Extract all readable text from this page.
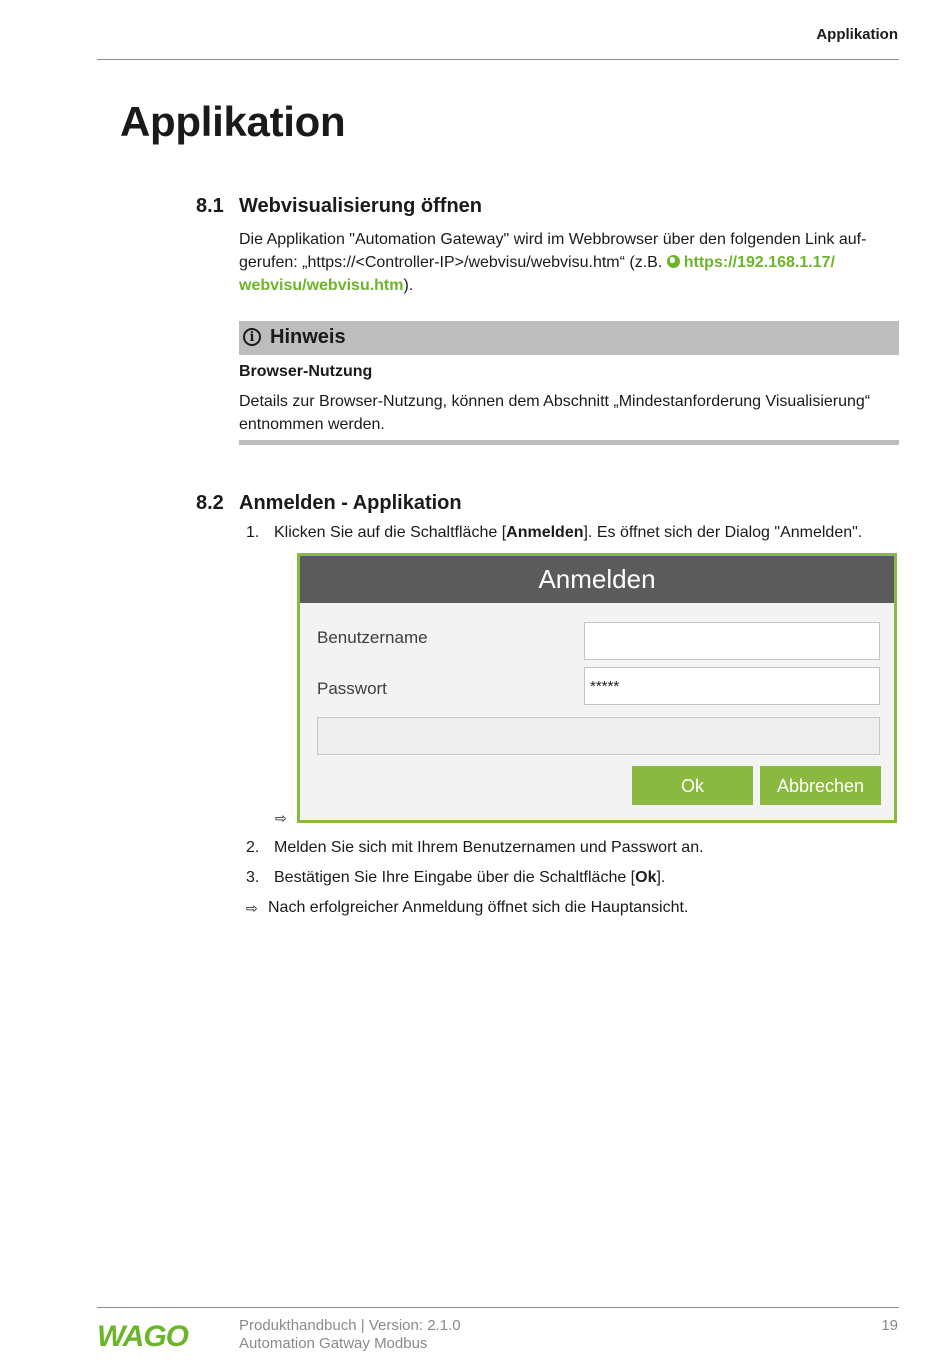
Applikation
Applikation
8.1 Webvisualisierung öffnen
Die Applikation "Automation Gateway" wird im Webbrowser über den folgenden Link auf-
gerufen: „https://<Controller-IP>/webvisu/webvisu.htm“ (z.B. https://192.168.1.17/
webvisu/webvisu.htm).
i Hinweis
Browser-Nutzung
Details zur Browser-Nutzung, können dem Abschnitt „Mindestanforderung Visualisierung“
entnommen werden.
8.2 Anmelden - Applikation
1. Klicken Sie auf die Schaltfläche [Anmelden]. Es öffnet sich der Dialog "Anmelden".
Anmelden
Benutzername
Passwort
*****
Ok	Abbrechen
⇨
2. Melden Sie sich mit Ihrem Benutzernamen und Passwort an.
3. Bestätigen Sie Ihre Eingabe über die Schaltfläche [Ok].
⇨ Nach erfolgreicher Anmeldung öffnet sich die Hauptansicht.
WAGO	Produkthandbuch | Version: 2.1.0
Automation Gatway Modbus
19
